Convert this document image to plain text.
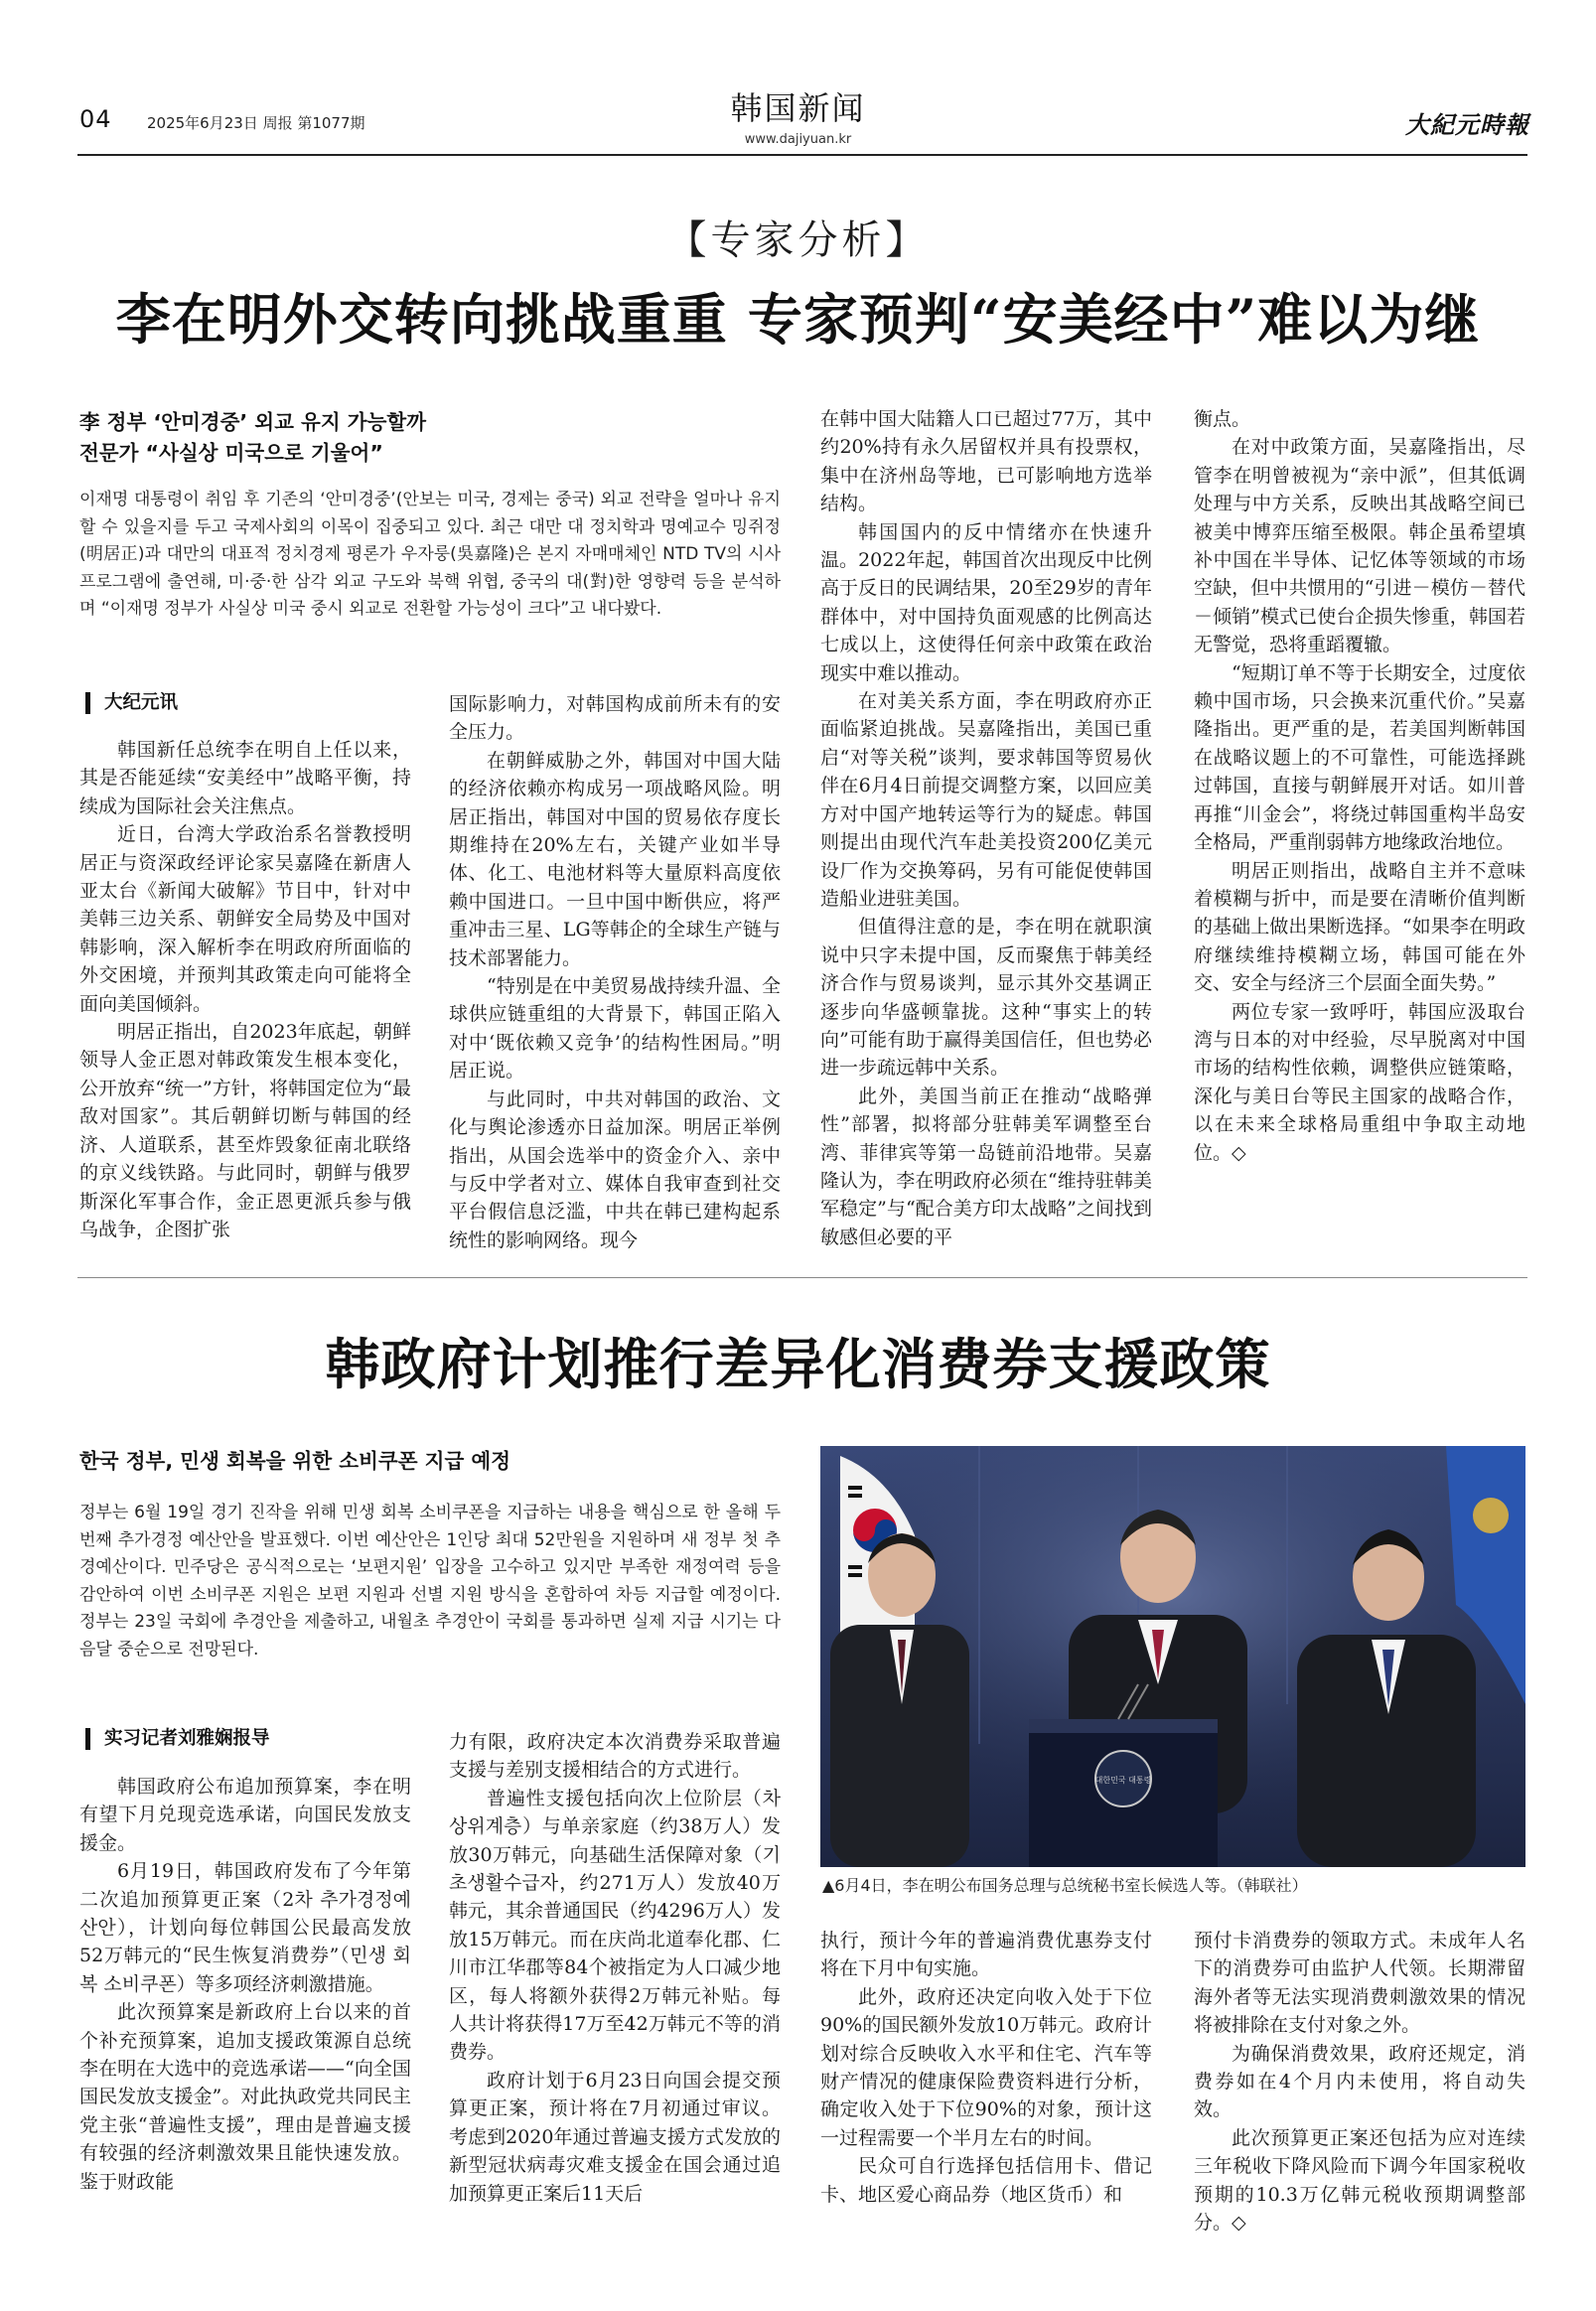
04 2025年6月23日 周报 第1077期	韩国新闻
www.dajiyuan.kr
大紀元時報
【专家分析】
李在明外交转向挑战重重 专家预判“安美经中”难以为继
李 정부 ‘안미경중’ 외교 유지 가능할까
전문가 “사실상 미국으로 기울어”
이재명 대통령이 취임 후 기존의 ‘안미경중’(안보는 미국, 경제는 중국) 외교 전략을 얼마나 유지할 수 있을지를 두고 국제사회의 이목이 집중되고 있다. 최근 대만 대 정치학과 명예교수 밍쥐정(明居正)과 대만의 대표적 정치경제 평론가 우자룽(吳嘉隆)은 본지 자매매체인 NTD TV의 시사 프로그램에 출연해, 미·중·한 삼각 외교 구도와 북핵 위협, 중국의 대(對)한 영향력 등을 분석하며 “이재명 정부가 사실상 미국 중시 외교로 전환할 가능성이 크다”고 내다봤다.
大纪元讯

韩国新任总统李在明自上任以来，其是否能延续“安美经中”战略平衡，持续成为国际社会关注焦点。

近日，台湾大学政治系名誉教授明居正与资深政经评论家吴嘉隆在新唐人亚太台《新闻大破解》节目中，针对中美韩三边关系、朝鲜安全局势及中国对韩影响，深入解析李在明政府所面临的外交困境，并预判其政策走向可能将全面向美国倾斜。

明居正指出，自2023年底起，朝鲜领导人金正恩对韩政策发生根本变化，公开放弃“统一”方针，将韩国定位为“最敌对国家”。其后朝鲜切断与韩国的经济、人道联系，甚至炸毁象征南北联络的京义线铁路。与此同时，朝鲜与俄罗斯深化军事合作，金正恩更派兵参与俄乌战争，企图扩张

国际影响力，对韩国构成前所未有的安全压力。

在朝鲜威胁之外，韩国对中国大陆的经济依赖亦构成另一项战略风险。明居正指出，韩国对中国的贸易依存度长期维持在20%左右，关键产业如半导体、化工、电池材料等大量原料高度依赖中国进口。一旦中国中断供应，将严重冲击三星、LG等韩企的全球生产链与技术部署能力。

“特别是在中美贸易战持续升温、全球供应链重组的大背景下，韩国正陷入对中‘既依赖又竞争’的结构性困局。”明居正说。

与此同时，中共对韩国的政治、文化与舆论渗透亦日益加深。明居正举例指出，从国会选举中的资金介入、亲中与反中学者对立、媒体自我审查到社交平台假信息泛滥，中共在韩已建构起系统性的影响网络。现今

在韩中国大陆籍人口已超过77万，其中约20%持有永久居留权并具有投票权，集中在济州岛等地，已可影响地方选举结构。

韩国国内的反中情绪亦在快速升温。2022年起，韩国首次出现反中比例高于反日的民调结果，20至29岁的青年群体中，对中国持负面观感的比例高达七成以上，这使得任何亲中政策在政治现实中难以推动。

在对美关系方面，李在明政府亦正面临紧迫挑战。吴嘉隆指出，美国已重启“对等关税”谈判，要求韩国等贸易伙伴在6月4日前提交调整方案，以回应美方对中国产地转运等行为的疑虑。韩国则提出由现代汽车赴美投资200亿美元设厂作为交换筹码，另有可能促使韩国造船业进驻美国。

但值得注意的是，李在明在就职演说中只字未提中国，反而聚焦于韩美经济合作与贸易谈判，显示其外交基调正逐步向华盛顿靠拢。这种“事实上的转向”可能有助于赢得美国信任，但也势必进一步疏远韩中关系。

此外，美国当前正在推动“战略弹性”部署，拟将部分驻韩美军调整至台湾、菲律宾等第一岛链前沿地带。吴嘉隆认为，李在明政府必须在“维持驻韩美军稳定”与“配合美方印太战略”之间找到敏感但必要的平

衡点。

在对中政策方面，吴嘉隆指出，尽管李在明曾被视为“亲中派”，但其低调处理与中方关系，反映出其战略空间已被美中博弈压缩至极限。韩企虽希望填补中国在半导体、记忆体等领域的市场空缺，但中共惯用的“引进－模仿－替代－倾销”模式已使台企损失惨重，韩国若无警觉，恐将重蹈覆辙。

“短期订单不等于长期安全，过度依赖中国市场，只会换来沉重代价。”吴嘉隆指出。更严重的是，若美国判断韩国在战略议题上的不可靠性，可能选择跳过韩国，直接与朝鲜展开对话。如川普再推“川金会”，将绕过韩国重构半岛安全格局，严重削弱韩方地缘政治地位。

明居正则指出，战略自主并不意味着模糊与折中，而是要在清晰价值判断的基础上做出果断选择。“如果李在明政府继续维持模糊立场，韩国可能在外交、安全与经济三个层面全面失势。”

两位专家一致呼吁，韩国应汲取台湾与日本的对中经验，尽早脱离对中国市场的结构性依赖，调整供应链策略，深化与美日台等民主国家的战略合作，以在未来全球格局重组中争取主动地位。◇

韩政府计划推行差异化消费券支援政策
한국 정부, 민생 회복을 위한 소비쿠폰 지급 예정
정부는 6월 19일 경기 진작을 위해 민생 회복 소비쿠폰을 지급하는 내용을 핵심으로 한 올해 두번째 추가경정 예산안을 발표했다. 이번 예산안은 1인당 최대 52만원을 지원하며 새 정부 첫 추경예산이다. 민주당은 공식적으로는 ‘보편지원’ 입장을 고수하고 있지만 부족한 재정여력 등을 감안하여 이번 소비쿠폰 지원은 보편 지원과 선별 지원 방식을 혼합하여 차등 지급할 예정이다. 정부는 23일 국회에 추경안을 제출하고, 내월초 추경안이 국회를 통과하면 실제 지급 시기는 다음달 중순으로 전망된다.
实习记者刘雅娴报导

韩国政府公布追加预算案，李在明有望下月兑现竞选承诺，向国民发放支援金。

6月19日，韩国政府发布了今年第二次追加预算更正案（2차 추가경정예산안），计划向每位韩国公民最高发放52万韩元的“民生恢复消费券”（민생 회복 소비쿠폰）等多项经济刺激措施。

此次预算案是新政府上台以来的首个补充预算案，追加支援政策源自总统李在明在大选中的竞选承诺——“向全国国民发放支援金”。对此执政党共同民主党主张“普遍性支援”，理由是普遍支援有较强的经济刺激效果且能快速发放。鉴于财政能

力有限，政府决定本次消费券采取普遍支援与差别支援相结合的方式进行。

普遍性支援包括向次上位阶层（차상위계층）与单亲家庭（约38万人）发放30万韩元，向基础生活保障对象（기초생활수급자，约271万人）发放40万韩元，其余普通国民（约4296万人）发放15万韩元。而在庆尚北道奉化郡、仁川市江华郡等84个被指定为人口减少地区，每人将额外获得2万韩元补贴。每人共计将获得17万至42万韩元不等的消费券。

政府计划于6月23日向国会提交预算更正案，预计将在7月初通过审议。考虑到2020年通过普遍支援方式发放的新型冠状病毒灾难支援金在国会通过追加预算更正案后11天后

대한민국 대통령
▲6月4日，李在明公布国务总理与总统秘书室长候选人等。（韩联社）

执行，预计今年的普遍消费优惠券支付将在下月中旬实施。

此外，政府还决定向收入处于下位90%的国民额外发放10万韩元。政府计划对综合反映收入水平和住宅、汽车等财产情况的健康保险费资料进行分析，确定收入处于下位90%的对象，预计这一过程需要一个半月左右的时间。

民众可自行选择包括信用卡、借记卡、地区爱心商品券（地区货币）和

预付卡消费券的领取方式。未成年人名下的消费券可由监护人代领。长期滞留海外者等无法实现消费刺激效果的情况将被排除在支付对象之外。

为确保消费效果，政府还规定，消费券如在4个月内未使用，将自动失效。

此次预算更正案还包括为应对连续三年税收下降风险而下调今年国家税收预期的10.3万亿韩元税收预期调整部分。◇
